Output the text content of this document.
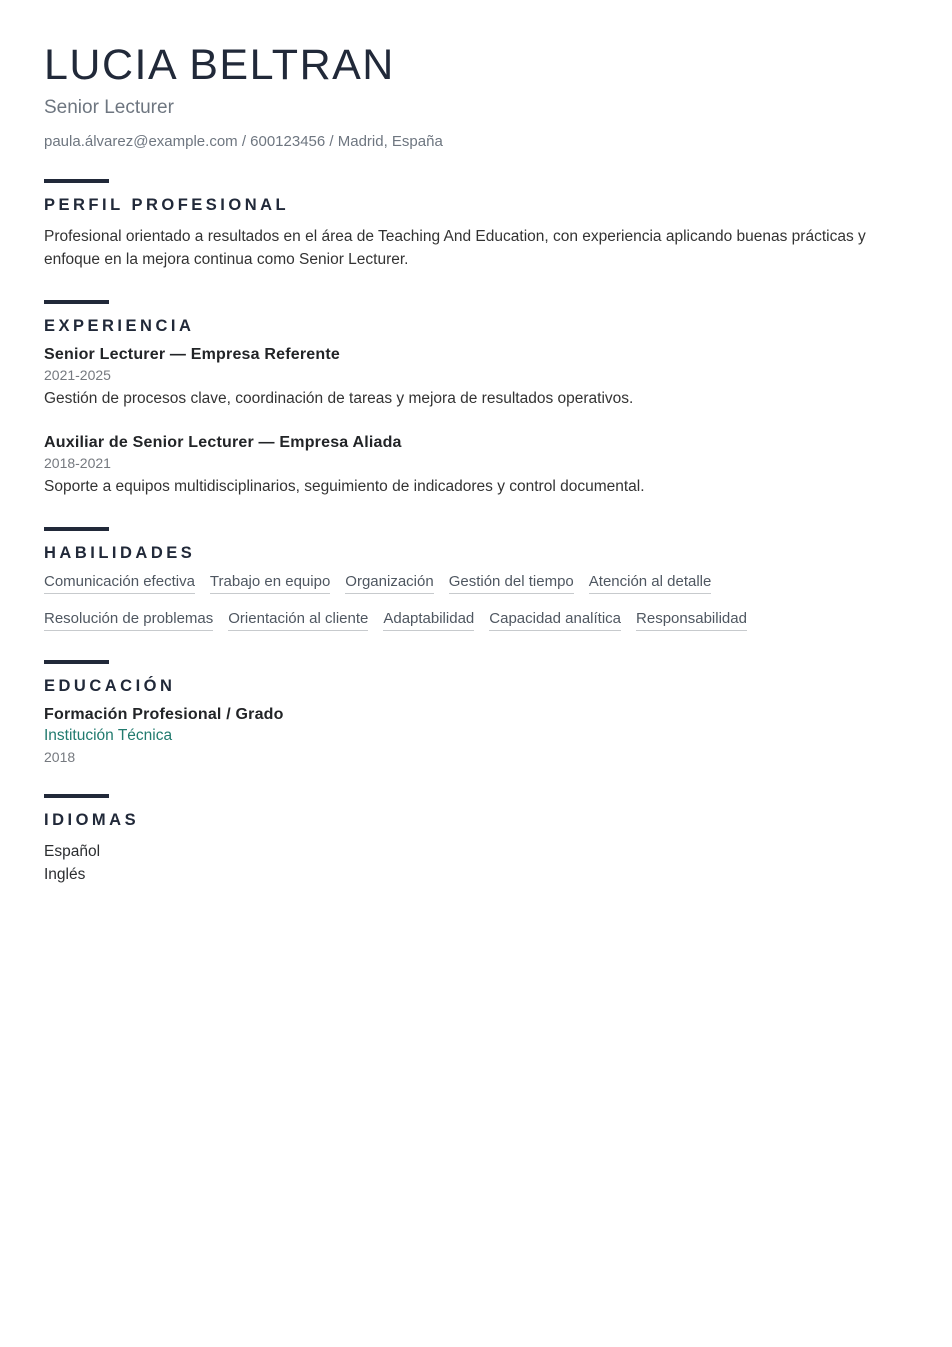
LUCIA BELTRAN
Senior Lecturer
paula.álvarez@example.com / 600123456 / Madrid, España
PERFIL PROFESIONAL

Profesional orientado a resultados en el área de Teaching And Education, con experiencia aplicando buenas prácticas y enfoque en la mejora continua como Senior Lecturer.

EXPERIENCIA
Senior Lecturer — Empresa Referente
2021-2025

Gestión de procesos clave, coordinación de tareas y mejora de resultados operativos.

Auxiliar de Senior Lecturer — Empresa Aliada
2018-2021

Soporte a equipos multidisciplinarios, seguimiento de indicadores y control documental.

HABILIDADES
Comunicación efectiva Trabajo en equipo Organización Gestión del tiempo Atención al detalle
Resolución de problemas Orientación al cliente Adaptabilidad Capacidad analítica Responsabilidad
EDUCACIÓN
Formación Profesional / Grado
Institución Técnica
2018
IDIOMAS
Español
Inglés
